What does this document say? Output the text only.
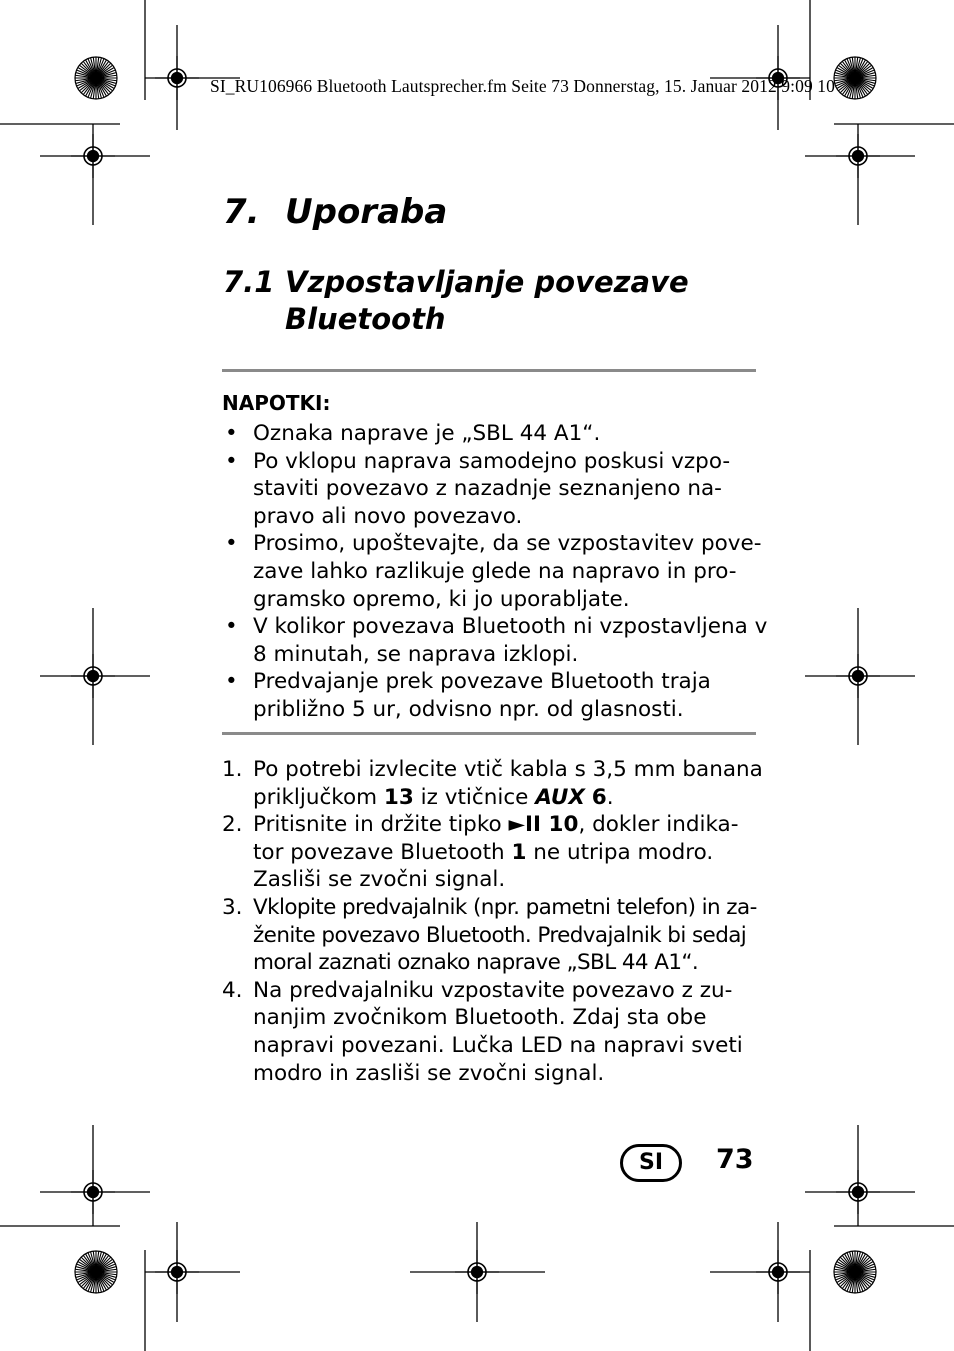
SI_RU106966 Bluetooth Lautsprecher.fm Seite 73 Donnerstag, 15. Januar 2012 9:09 10
7. Uporaba
7.1 Vzpostavljanje povezave
Bluetooth
NAPOTKI:
• Oznaka naprave je „SBL 44 A1“.
• Po vklopu naprava samodejno poskusi vzpo-
staviti povezavo z nazadnje seznanjeno na-
pravo ali novo povezavo.
• Prosimo, upoštevajte, da se vzpostavitev pove-
zave lahko razlikuje glede na napravo in pro-
gramsko opremo, ki jo uporabljate.
• V kolikor povezava Bluetooth ni vzpostavljena v
8 minutah, se naprava izklopi.
• Predvajanje prek povezave Bluetooth traja
približno 5 ur, odvisno npr. od glasnosti.
1. Po potrebi izvlecite vtič kabla s 3,5 mm banana
priključkom 13 iz vtičnice AUX 6.
2. Pritisnite in držite tipko ►II 10, dokler indika-
tor povezave Bluetooth 1 ne utripa modro.
Zasliši se zvočni signal.
3. Vklopite predvajalnik (npr. pametni telefon) in za-
ženite povezavo Bluetooth. Predvajalnik bi sedaj
moral zaznati oznako naprave „SBL 44 A1“.
4. Na predvajalniku vzpostavite povezavo z zu-
nanjim zvočnikom Bluetooth. Zdaj sta obe
napravi povezani. Lučka LED na napravi sveti
modro in zasliši se zvočni signal.
SI	73
